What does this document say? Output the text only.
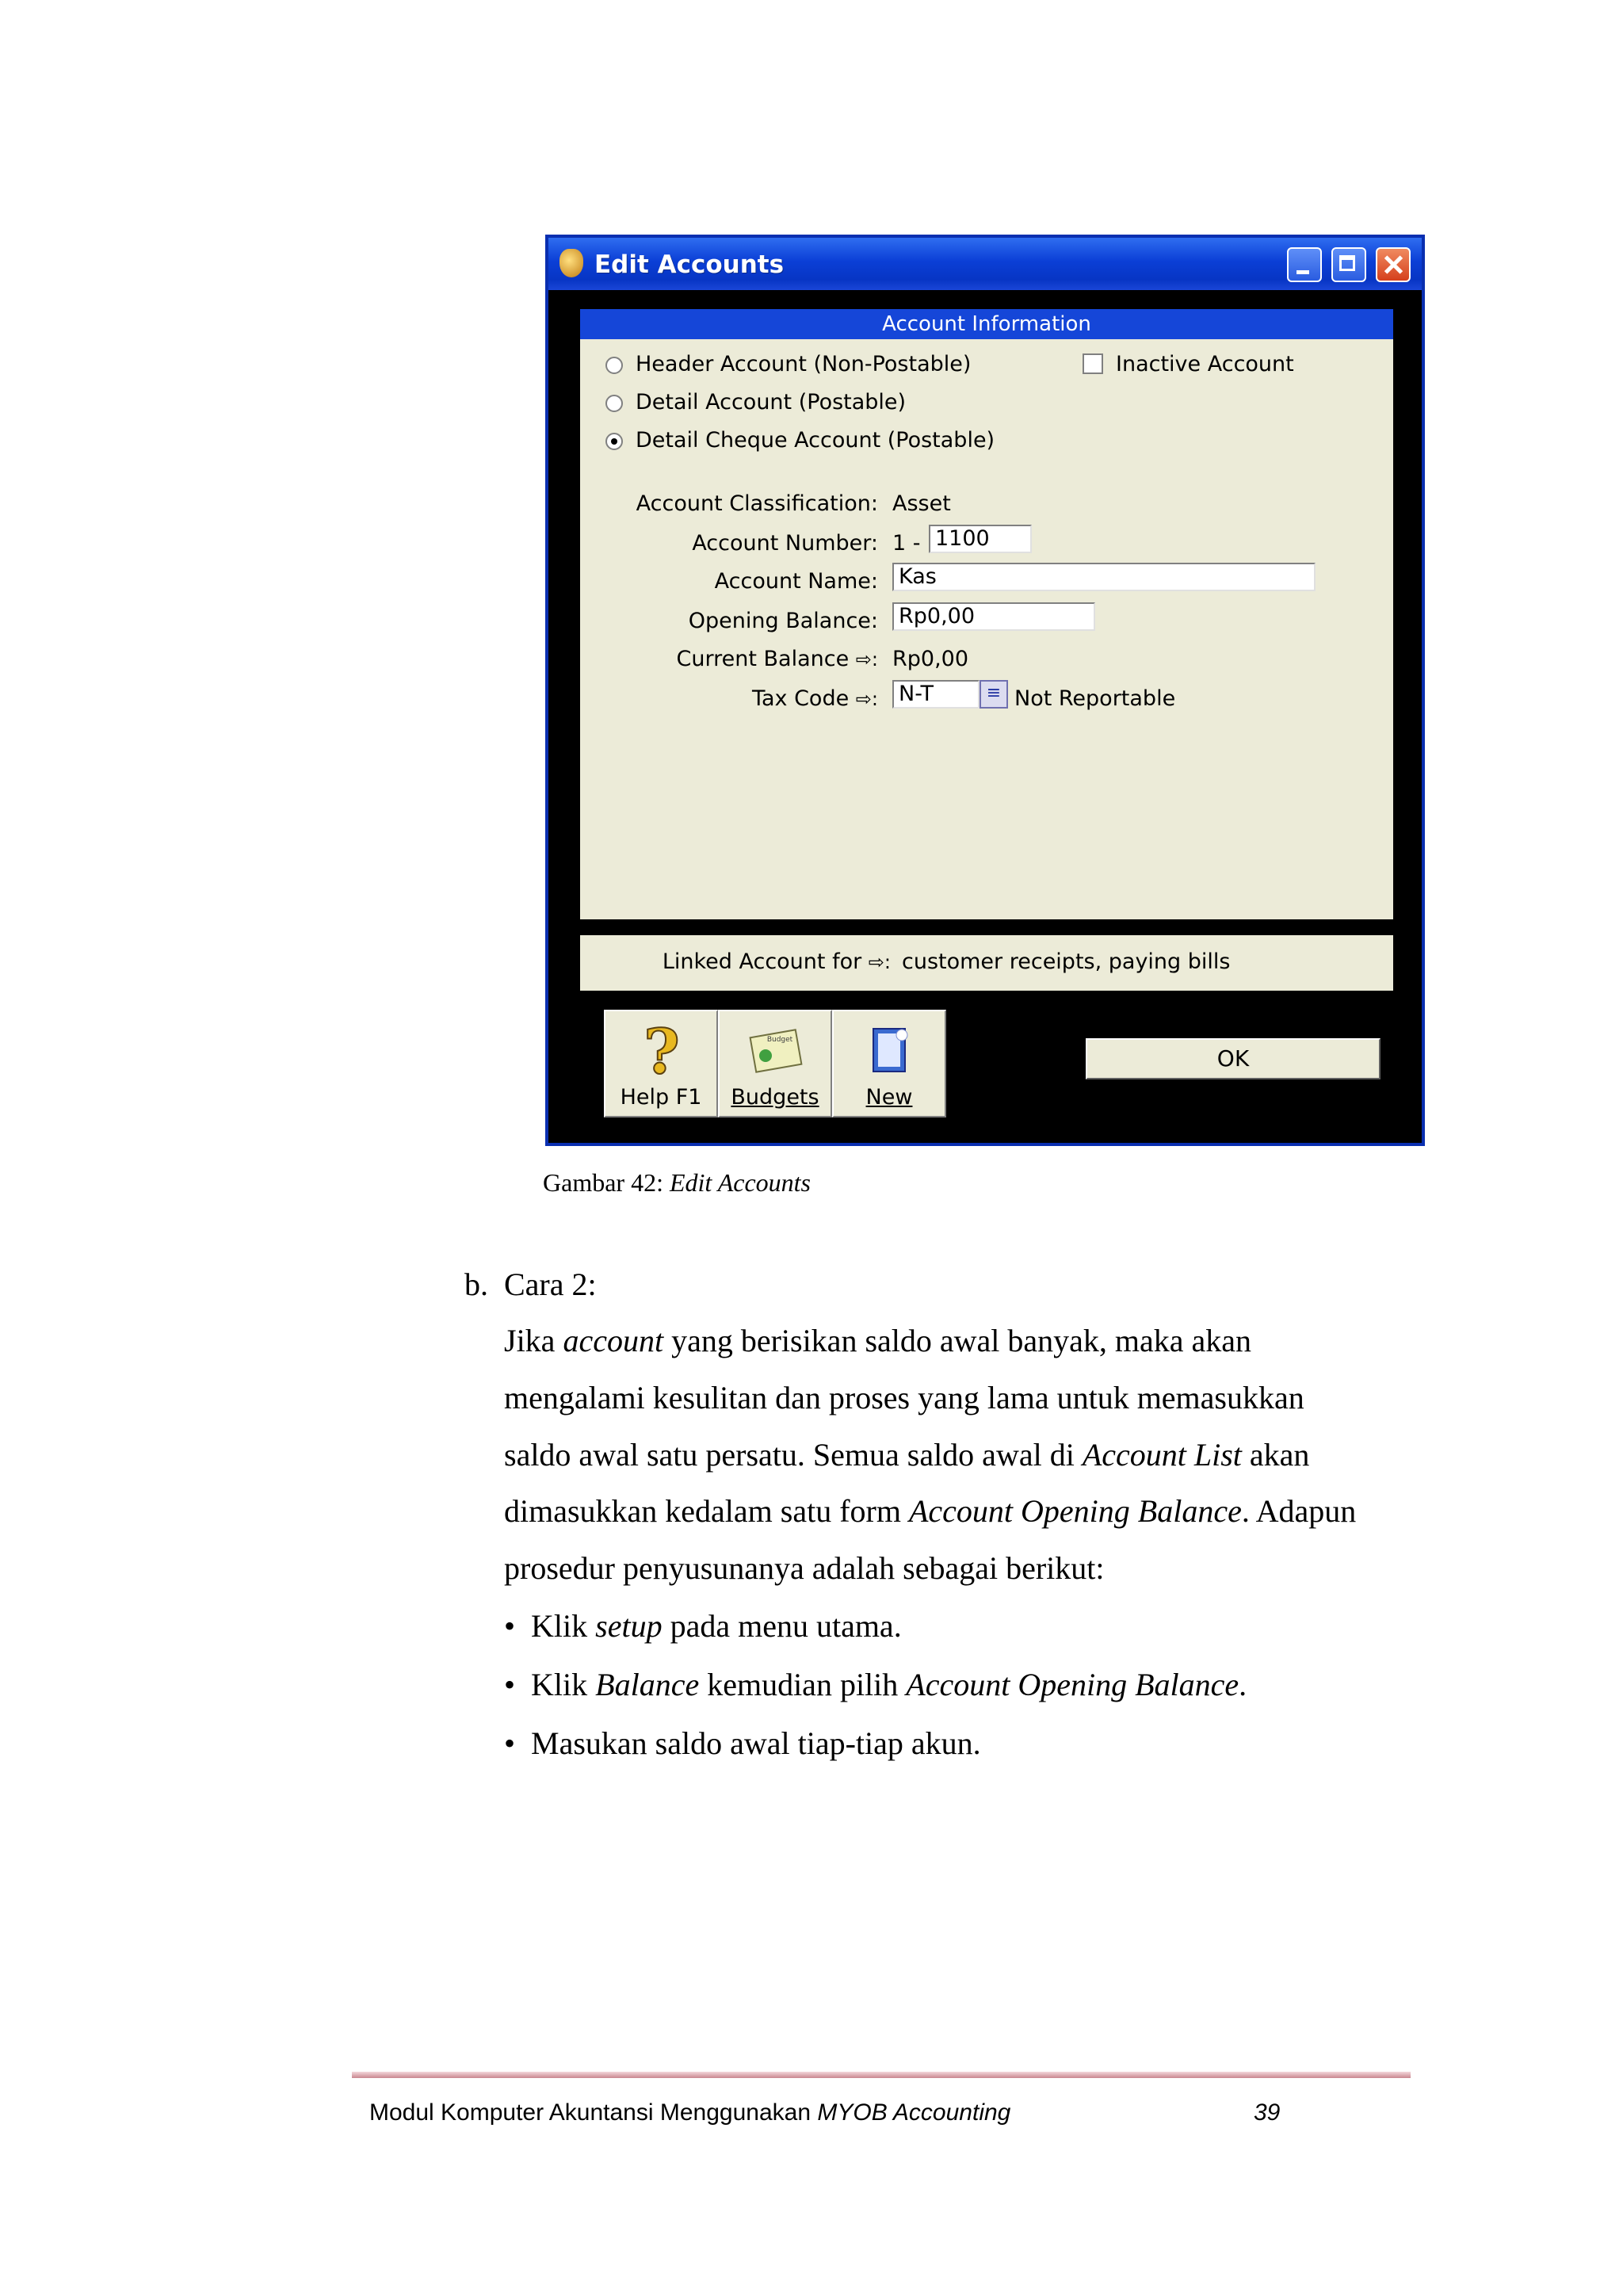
Edit Accounts
Account Information
Header Account (Non-Postable)
Detail Account (Postable)
Detail Cheque Account (Postable)
Inactive Account
Account Classification: Asset
Account Number: 1 - 1100
Account Name: Kas
Opening Balance: Rp0,00
Current Balance ⇨: Rp0,00
Tax Code ⇨: N-T	≡ Not Reportable
Linked Account for ⇨: customer receipts, paying bills
?
Help F1
Budget
Budgets	New
OK
Gambar 42: Edit Accounts
b. Cara 2:
Jika account yang berisikan saldo awal banyak, maka akan
mengalami kesulitan dan proses yang lama untuk memasukkan
saldo awal satu persatu. Semua saldo awal di Account List akan
dimasukkan kedalam satu form Account Opening Balance. Adapun
prosedur penyusunanya adalah sebagai berikut:
• Klik setup pada menu utama.
• Klik Balance kemudian pilih Account Opening Balance.
• Masukan saldo awal tiap-tiap akun.
Modul Komputer Akuntansi Menggunakan MYOB Accounting	39
